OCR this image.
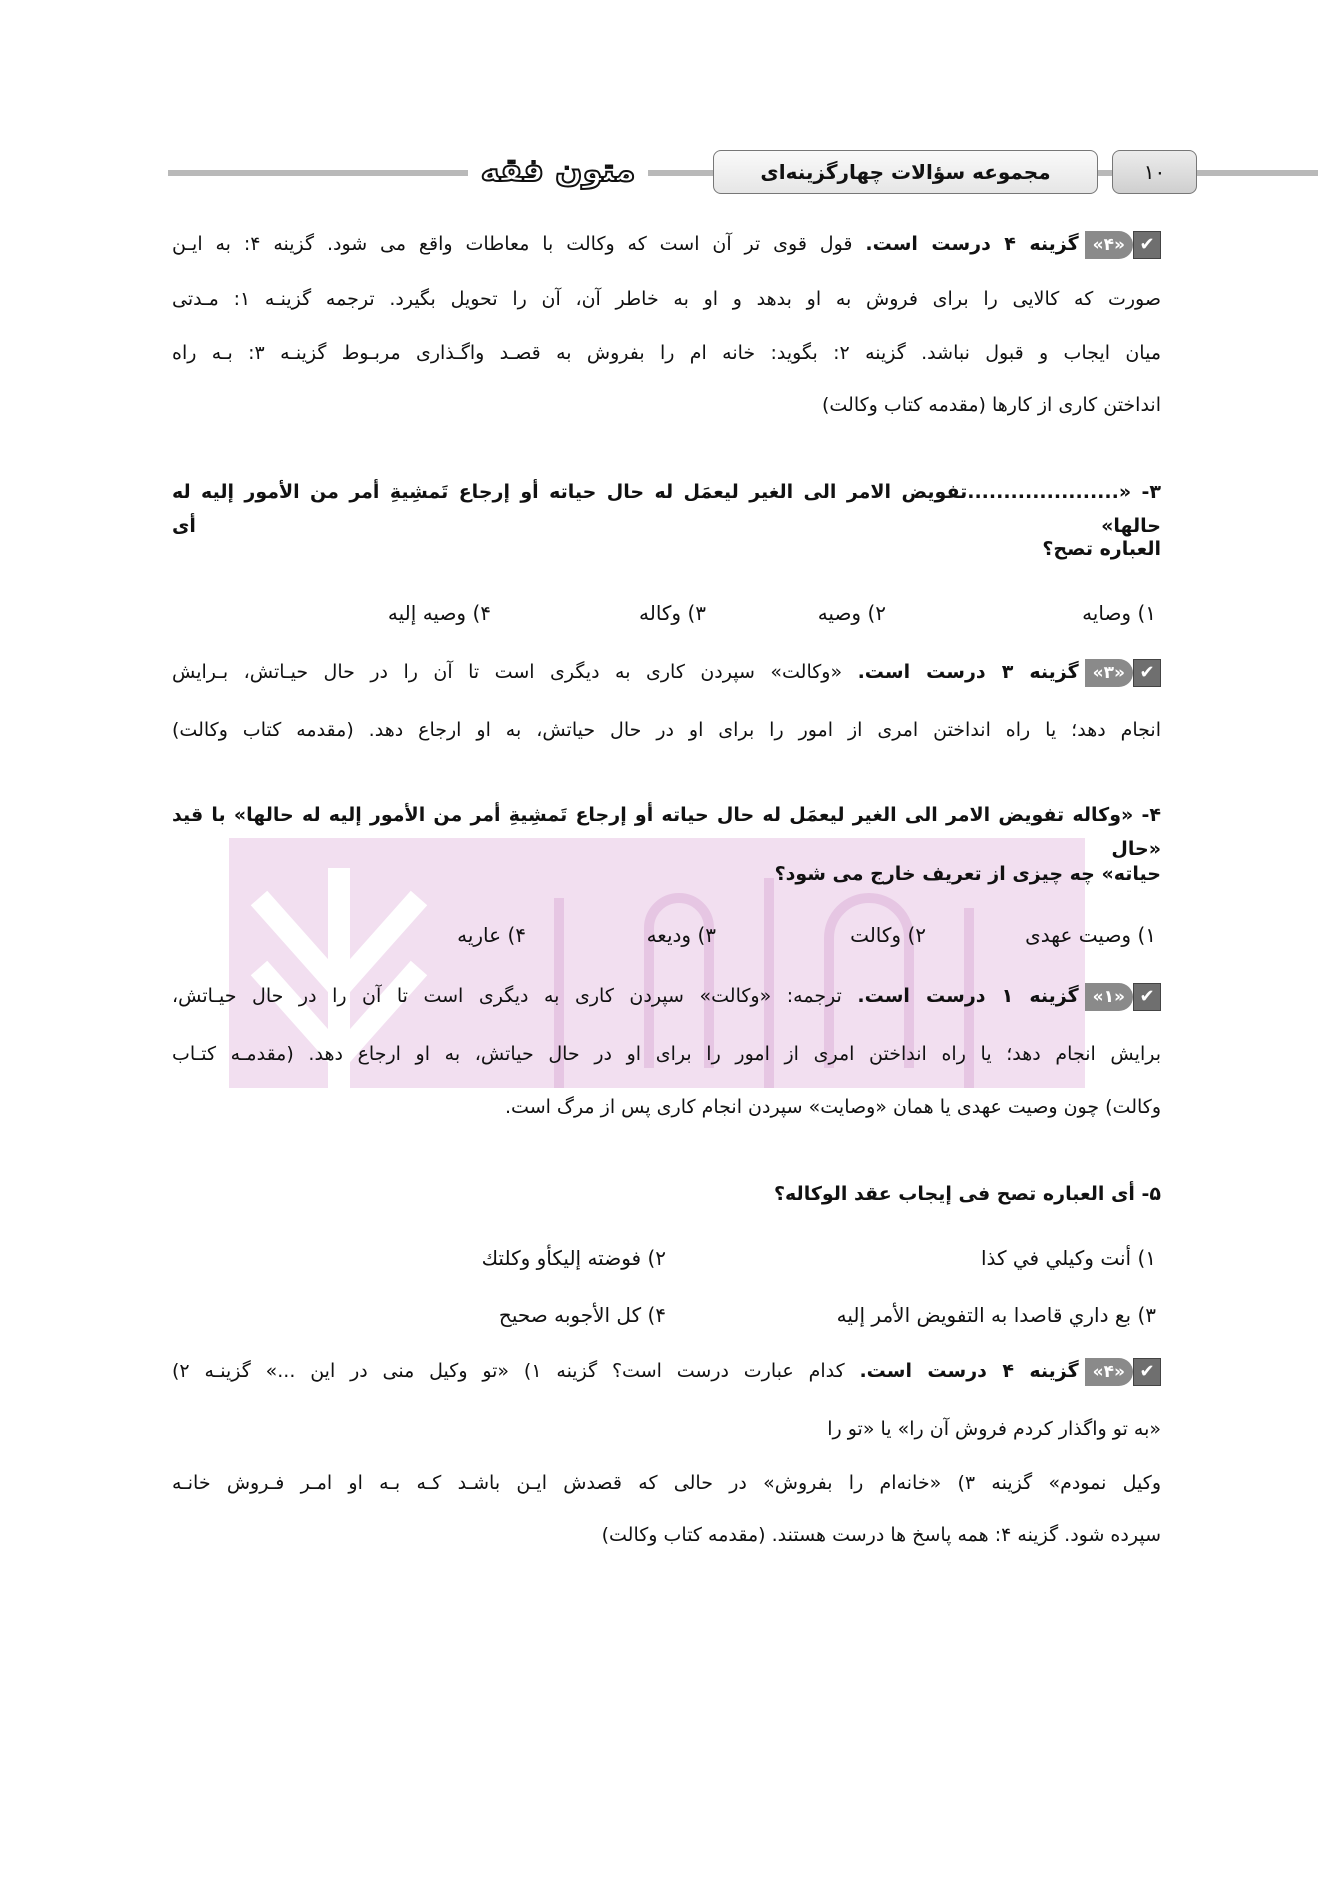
متون فقه	مجموعه سؤالات چهارگزینه‌ای	۱۰
✔
«۴»
گزینه ۴ درست است. قول قوی تر آن است که وکالت با معاطات واقع می شود. گزینه ۴: به ایـن
صورت که کالایی را برای فروش به او بدهد و او به خاطر آن، آن را تحویل بگیرد. ترجمه گزینـه ۱: مـدتی
میان ایجاب و قبول نباشد. گزینه ۲: بگوید: خانه ام را بفروش به قصـد واگـذاری مربـوط گزینـه ۳: بـه راه
انداختن کاری از کارها (مقدمه کتاب وکالت)
۳- «.....................تفویض الامر الی الغیر لیعمَل له حال حیاته أو إرجاع تَمشِیةِ أمر من الأمور إلیه له حالها» أی
العباره تصح؟
۱) وصایه
۲) وصیه
۳) وکاله
۴) وصیه إلیه
✔
«۳»
گزینه ۳ درست است. «وکالت» سپردن کاری به دیگری است تا آن را در حال حیـاتش، بـرایش
انجام دهد؛ یا راه انداختن امری از امور را برای او در حال حیاتش، به او ارجاع دهد. (مقدمه کتاب وکالت)
۴- «وکاله تفویض الامر الی الغیر لیعمَل له حال حیاته أو إرجاع تَمشِیةِ أمر من الأمور إلیه له حالها» با قید «حال
حیاته» چه چیزی از تعریف خارج می شود؟
۱) وصیت عهدی
۲) وکالت
۳) ودیعه
۴) عاریه
✔
«۱»
گزینه ۱ درست است. ترجمه: «وکالت» سپردن کاری به دیگری است تا آن را در حال حیـاتش،
برایش انجام دهد؛ یا راه انداختن امری از امور را برای او در حال حیاتش، به او ارجاع دهد. (مقدمـه کتـاب
وکالت) چون وصیت عهدی یا همان «وصایت» سپردن انجام کاری پس از مرگ است.
۵- أی العباره تصح فی إیجاب عقد الوکاله؟
۱) أنت وکیلي في کذا
۲) فوضته إلیكأو وکلتك
۳) بع داري قاصدا به التفویض الأمر إلیه
۴) کل الأجوبه صحیح
✔
«۴»
گزینه ۴ درست است. کدام عبارت درست است؟ گزینه ۱) «تو وکیل منی در این ...» گزینـه ۲)
«به تو واگذار کردم فروش آن را» یا «تو را
وکیل نمودم» گزینه ۳) «خانه‌ام را بفروش» در حالی که قصدش ایـن باشـد کـه بـه او امـر فـروش خانـه
سپرده شود. گزینه ۴: همه پاسخ ها درست هستند. (مقدمه کتاب وکالت)
